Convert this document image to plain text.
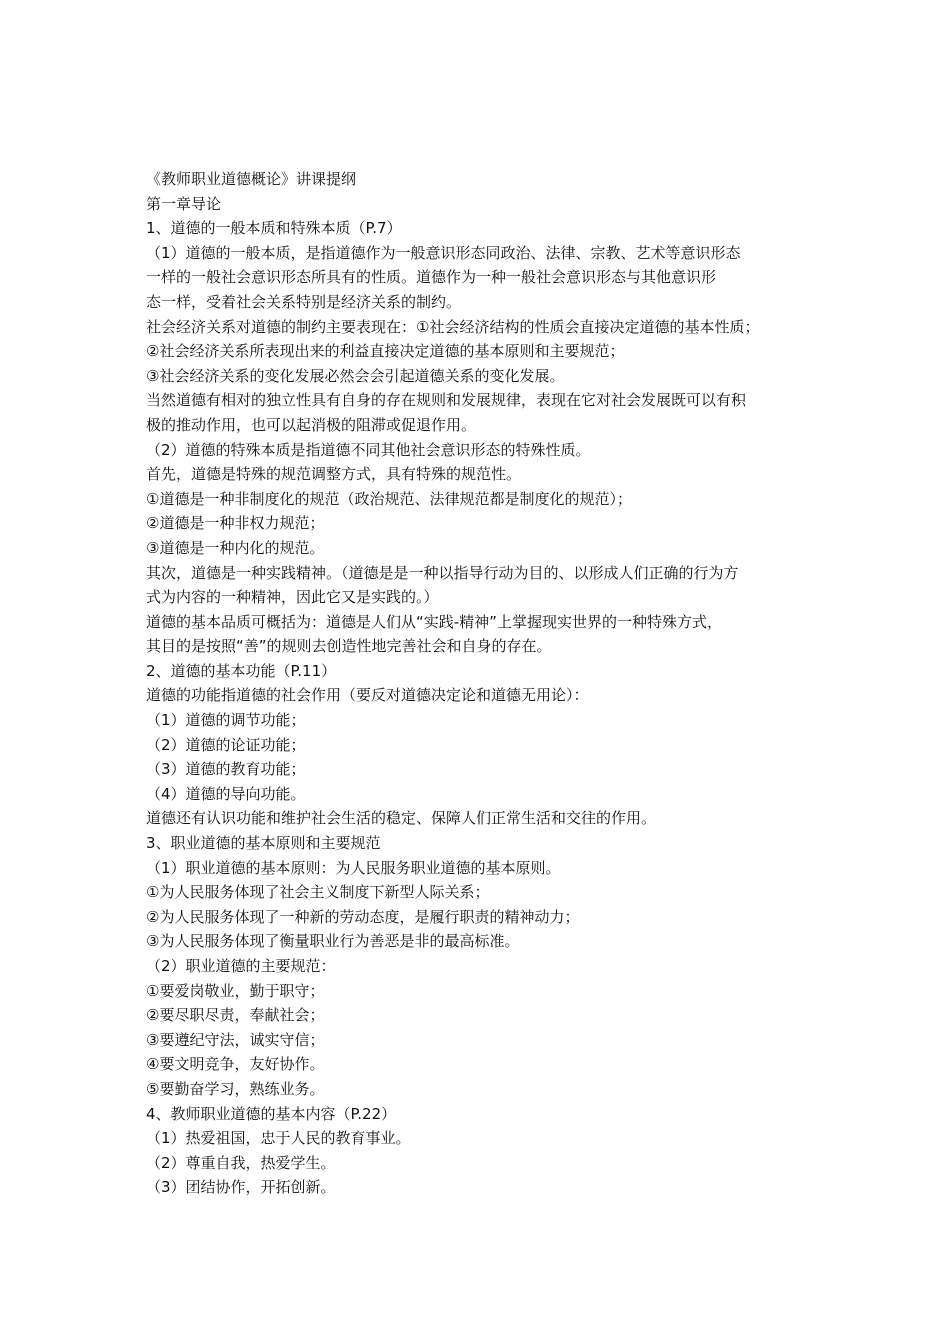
《教师职业道德概论》讲课提纲
第一章导论
1、道德的一般本质和特殊本质（P.7）
（1）道德的一般本质，是指道德作为一般意识形态同政治、法律、宗教、艺术等意识形态
一样的一般社会意识形态所具有的性质。道德作为一种一般社会意识形态与其他意识形
态一样，受着社会关系特别是经济关系的制约。
社会经济关系对道德的制约主要表现在：①社会经济结构的性质会直接决定道德的基本性质；
②社会经济关系所表现出来的利益直接决定道德的基本原则和主要规范；
③社会经济关系的变化发展必然会会引起道德关系的变化发展。
当然道德有相对的独立性具有自身的存在规则和发展规律，表现在它对社会发展既可以有积
极的推动作用，也可以起消极的阻滞或促退作用。
（2）道德的特殊本质是指道德不同其他社会意识形态的特殊性质。
首先，道德是特殊的规范调整方式，具有特殊的规范性。
①道德是一种非制度化的规范（政治规范、法律规范都是制度化的规范）；
②道德是一种非权力规范；
③道德是一种内化的规范。
其次，道德是一种实践精神。（道德是是一种以指导行动为目的、以形成人们正确的行为方
式为内容的一种精神，因此它又是实践的。）
道德的基本品质可概括为：道德是人们从“实践-精神”上掌握现实世界的一种特殊方式，
其目的是按照“善”的规则去创造性地完善社会和自身的存在。
2、道德的基本功能（P.11）
道德的功能指道德的社会作用（要反对道德决定论和道德无用论）：
（1）道德的调节功能；
（2）道德的论证功能；
（3）道德的教育功能；
（4）道德的导向功能。
道德还有认识功能和维护社会生活的稳定、保障人们正常生活和交往的作用。
3、职业道德的基本原则和主要规范
（1）职业道德的基本原则：为人民服务职业道德的基本原则。
①为人民服务体现了社会主义制度下新型人际关系；
②为人民服务体现了一种新的劳动态度，是履行职责的精神动力；
③为人民服务体现了衡量职业行为善恶是非的最高标准。
（2）职业道德的主要规范：
①要爱岗敬业，勤于职守；
②要尽职尽责，奉献社会；
③要遵纪守法，诚实守信；
④要文明竞争，友好协作。
⑤要勤奋学习，熟练业务。
4、教师职业道德的基本内容（P.22）
（1）热爱祖国，忠于人民的教育事业。
（2）尊重自我，热爱学生。
（3）团结协作，开拓创新。
